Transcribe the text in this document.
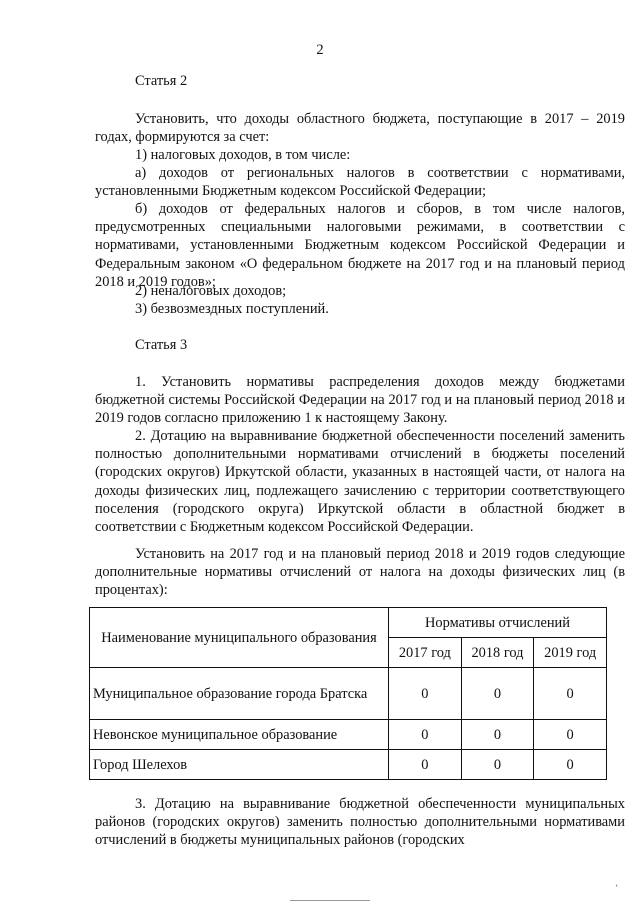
2
Статья 2
Установить, что доходы областного бюджета, поступающие в 2017 – 2019 годах, формируются за счет:
1) налоговых доходов, в том числе:
а) доходов от региональных налогов в соответствии с нормативами, установленными Бюджетным кодексом Российской Федерации;
б) доходов от федеральных налогов и сборов, в том числе налогов, предусмотренных специальными налоговыми режимами, в соответствии с нормативами, установленными Бюджетным кодексом Российской Федерации и Федеральным законом «О федеральном бюджете на 2017 год и на плановый период 2018 и 2019 годов»;
2) неналоговых доходов;
3) безвозмездных поступлений.
Статья 3
1. Установить нормативы распределения доходов между бюджетами бюджетной системы Российской Федерации на 2017 год и на плановый период 2018 и 2019 годов согласно приложению 1 к настоящему Закону.
2. Дотацию на выравнивание бюджетной обеспеченности поселений заменить полностью дополнительными нормативами отчислений в бюджеты поселений (городских округов) Иркутской области, указанных в настоящей части, от налога на доходы физических лиц, подлежащего зачислению с территории соответствующего поселения (городского округа) Иркутской области в областной бюджет в соответствии с Бюджетным кодексом Российской Федерации.
Установить на 2017 год и на плановый период 2018 и 2019 годов следующие дополнительные нормативы отчислений от налога на доходы физических лиц (в процентах):
Наименование муниципального образования	Нормативы отчислений		
	2017 год	2018 год	2019 год
Муниципальное образование города Братска	0	0	0
Невонское муниципальное образование	0	0	0
Город Шелехов	0	0	0
3. Дотацию на выравнивание бюджетной обеспеченности муниципальных районов (городских округов) заменить полностью дополнительными нормативами отчислений в бюджеты муниципальных районов (городских
,
